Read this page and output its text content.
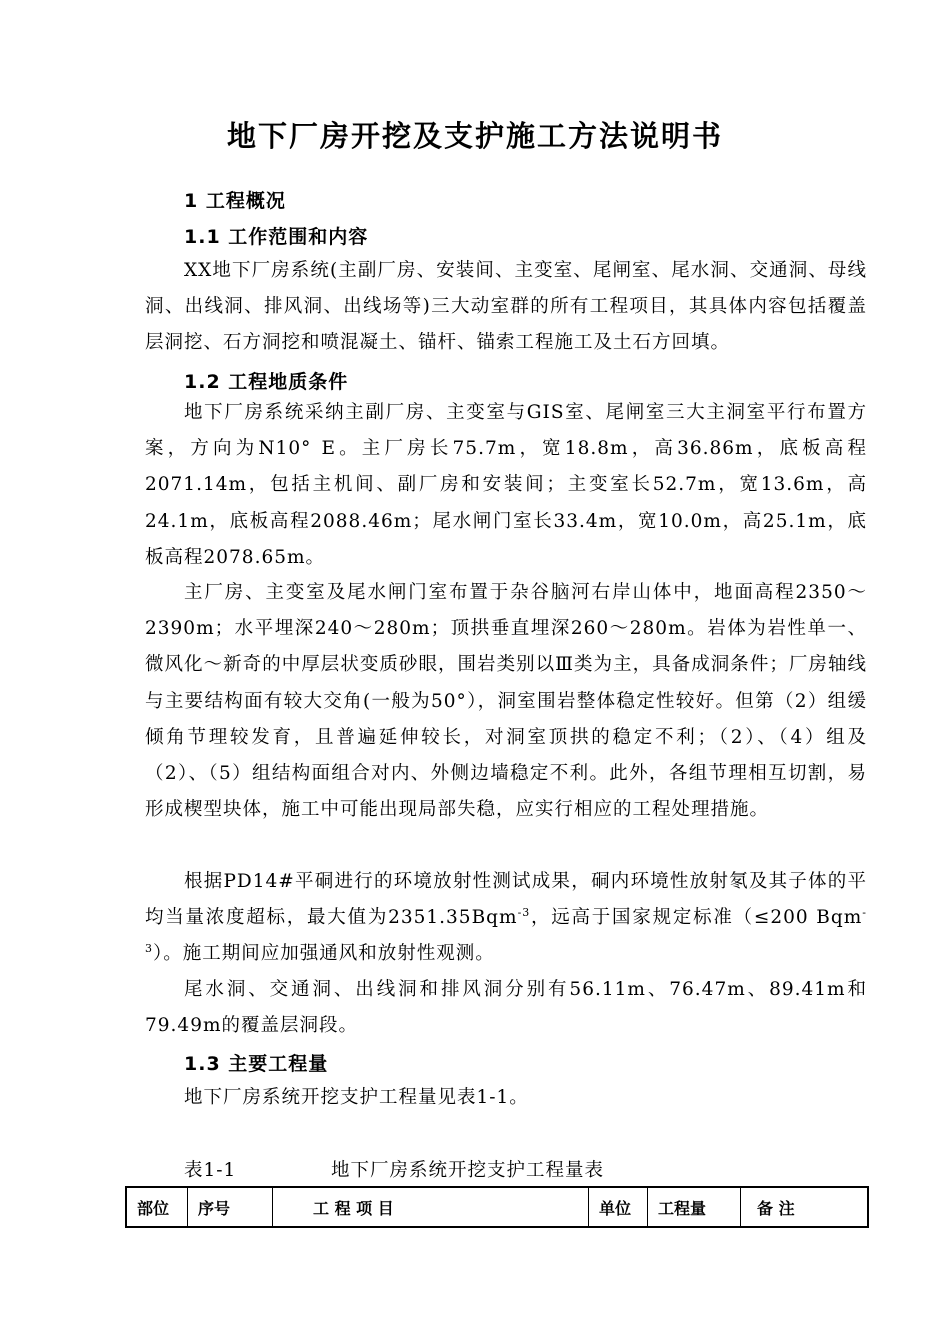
地下厂房开挖及支护施工方法说明书
1 工程概况
1.1 工作范围和内容

XX地下厂房系统(主副厂房、安装间、主变室、尾闸室、尾水洞、交通洞、母线洞、出线洞、排风洞、出线场等)三大动室群的所有工程项目，其具体内容包括覆盖层洞挖、石方洞挖和喷混凝土、锚杆、锚索工程施工及土石方回填。

1.2 工程地质条件

地下厂房系统采纳主副厂房、主变室与GIS室、尾闸室三大主洞室平行布置方案，方向为N10° E。主厂房长75.7m，宽18.8m，高36.86m，底板高程2071.14m，包括主机间、副厂房和安装间；主变室长52.7m，宽13.6m，高24.1m，底板高程2088.46m；尾水闸门室长33.4m，宽10.0m，高25.1m，底板高程2078.65m。

主厂房、主变室及尾水闸门室布置于杂谷脑河右岸山体中，地面高程2350～2390m；水平埋深240～280m；顶拱垂直埋深260～280m。岩体为岩性单一、微风化～新奇的中厚层状变质砂眼，围岩类别以Ⅲ类为主，具备成洞条件；厂房轴线与主要结构面有较大交角(一般为50°），洞室围岩整体稳定性较好。但第（2）组缓倾角节理较发育，且普遍延伸较长，对洞室顶拱的稳定不利；（2）、（4）组及（2）、（5）组结构面组合对内、外侧边墙稳定不利。此外，各组节理相互切割，易形成楔型块体，施工中可能出现局部失稳，应实行相应的工程处理措施。

根据PD14#平硐进行的环境放射性测试成果，硐内环境性放射氡及其子体的平均当量浓度超标，最大值为2351.35Bqm$^{-3}$，远高于国家规定标准（≤200 Bqm$^{-3}$）。施工期间应加强通风和放射性观测。

尾水洞、交通洞、出线洞和排风洞分别有56.11m、76.47m、89.41m和79.49m的覆盖层洞段。

1.3 主要工程量

地下厂房系统开挖支护工程量见表1-1。

表1-1	地下厂房系统开挖支护工程量表
部位	序号	工 程 项 目	单位	工程量	备 注
